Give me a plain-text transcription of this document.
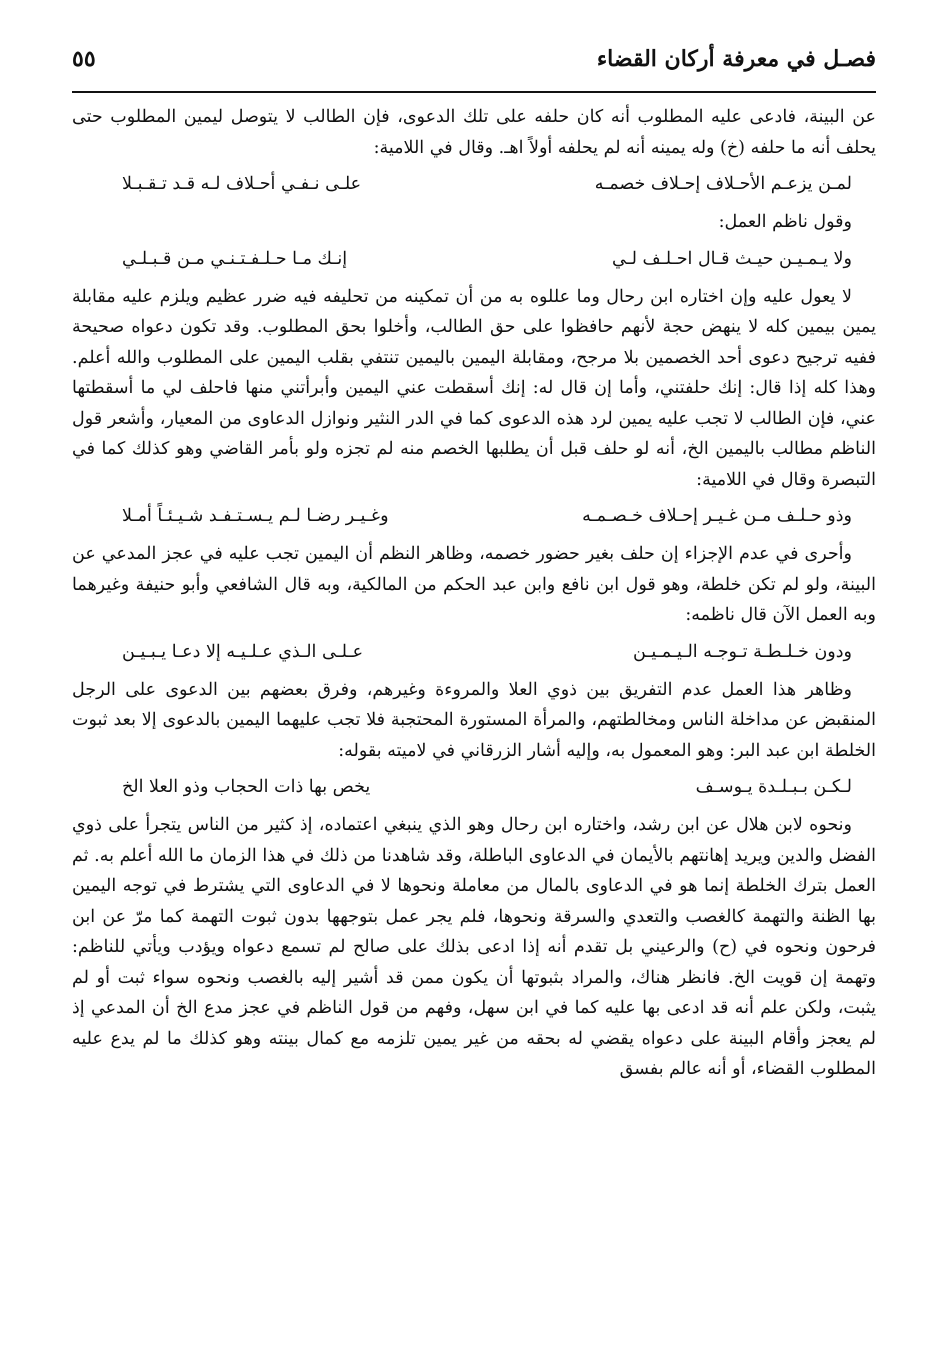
فصـل في معرفة أركان القضاء
٥٥

عن البينة، فادعى عليه المطلوب أنه كان حلفه على تلك الدعوى، فإن الطالب لا يتوصل ليمين المطلوب حتى يحلف أنه ما حلفه (خ) وله يمينه أنه لم يحلفه أولاً اهـ. وقال في اللامية:

لمـن يزعـم الأحـلاف إحـلاف خصمـه
علـى نـفـي أحـلاف لـه قـد تـقـبـلا

وقول ناظم العمل:

ولا يـمـيـن حيـث قـال احـلـف لـي
إنـك مـا حـلـفـتـنـي مـن قـبـلـي

لا يعول عليه وإن اختاره ابن رحال وما عللوه به من أن تمكينه من تحليفه فيه ضرر عظيم ويلزم عليه مقابلة يمين بيمين كله لا ينهض حجة لأنهم حافظوا على حق الطالب، وأخلوا بحق المطلوب. وقد تكون دعواه صحيحة ففيه ترجيح دعوى أحد الخصمين بلا مرجح، ومقابلة اليمين باليمين تنتفي بقلب اليمين على المطلوب والله أعلم. وهذا كله إذا قال: إنك حلفتني، وأما إن قال له: إنك أسقطت عني اليمين وأبرأتني منها فاحلف لي ما أسقطتها عني، فإن الطالب لا تجب عليه يمين لرد هذه الدعوى كما في الدر النثير ونوازل الدعاوى من المعيار، وأشعر قول الناظم مطالب باليمين الخ، أنه لو حلف قبل أن يطلبها الخصم منه لم تجزه ولو بأمر القاضي وهو كذلك كما في التبصرة وقال في اللامية:

وذو حـلـف مـن غـيـر إحـلاف خـصـمـه
وغـيـر رضـا لـم يـسـتـفـد شـيـئـاً أمـلا

وأحرى في عدم الإجزاء إن حلف بغير حضور خصمه، وظاهر النظم أن اليمين تجب عليه في عجز المدعي عن البينة، ولو لم تكن خلطة، وهو قول ابن نافع وابن عبد الحكم من المالكية، وبه قال الشافعي وأبو حنيفة وغيرهما وبه العمل الآن قال ناظمه:

ودون خـلـطـة تـوجـه الـيـمـيـن
عـلـى الـذي عـلـيـه إلا دعـا يـبـيـن

وظاهر هذا العمل عدم التفريق بين ذوي العلا والمروءة وغيرهم، وفرق بعضهم بين الدعوى على الرجل المنقبض عن مداخلة الناس ومخالطتهم، والمرأة المستورة المحتجبة فلا تجب عليهما اليمين بالدعوى إلا بعد ثبوت الخلطة ابن عبد البر: وهو المعمول به، وإليه أشار الزرقاني في لاميته بقوله:

لـكـن بـبـلـدة يـوسـف
يخص بها ذات الحجاب وذو العلا الخ

ونحوه لابن هلال عن ابن رشد، واختاره ابن رحال وهو الذي ينبغي اعتماده، إذ كثير من الناس يتجرأ على ذوي الفضل والدين ويريد إهانتهم بالأيمان في الدعاوى الباطلة، وقد شاهدنا من ذلك في هذا الزمان ما الله أعلم به. ثم العمل بترك الخلطة إنما هو في الدعاوى بالمال من معاملة ونحوها لا في الدعاوى التي يشترط في توجه اليمين بها الظنة والتهمة كالغصب والتعدي والسرقة ونحوها، فلم يجر عمل بتوجهها بدون ثبوت التهمة كما مرّ عن ابن فرحون ونحوه في (ح) والرعيني بل تقدم أنه إذا ادعى بذلك على صالح لم تسمع دعواه ويؤدب ويأتي للناظم: وتهمة إن قويت الخ. فانظر هناك، والمراد بثبوتها أن يكون ممن قد أشير إليه بالغصب ونحوه سواء ثبت أو لم يثبت، ولكن علم أنه قد ادعى بها عليه كما في ابن سهل، وفهم من قول الناظم في عجز مدع الخ أن المدعي إذ لم يعجز وأقام البينة على دعواه يقضي له بحقه من غير يمين تلزمه مع كمال بينته وهو كذلك ما لم يدع عليه المطلوب القضاء، أو أنه عالم بفسق
